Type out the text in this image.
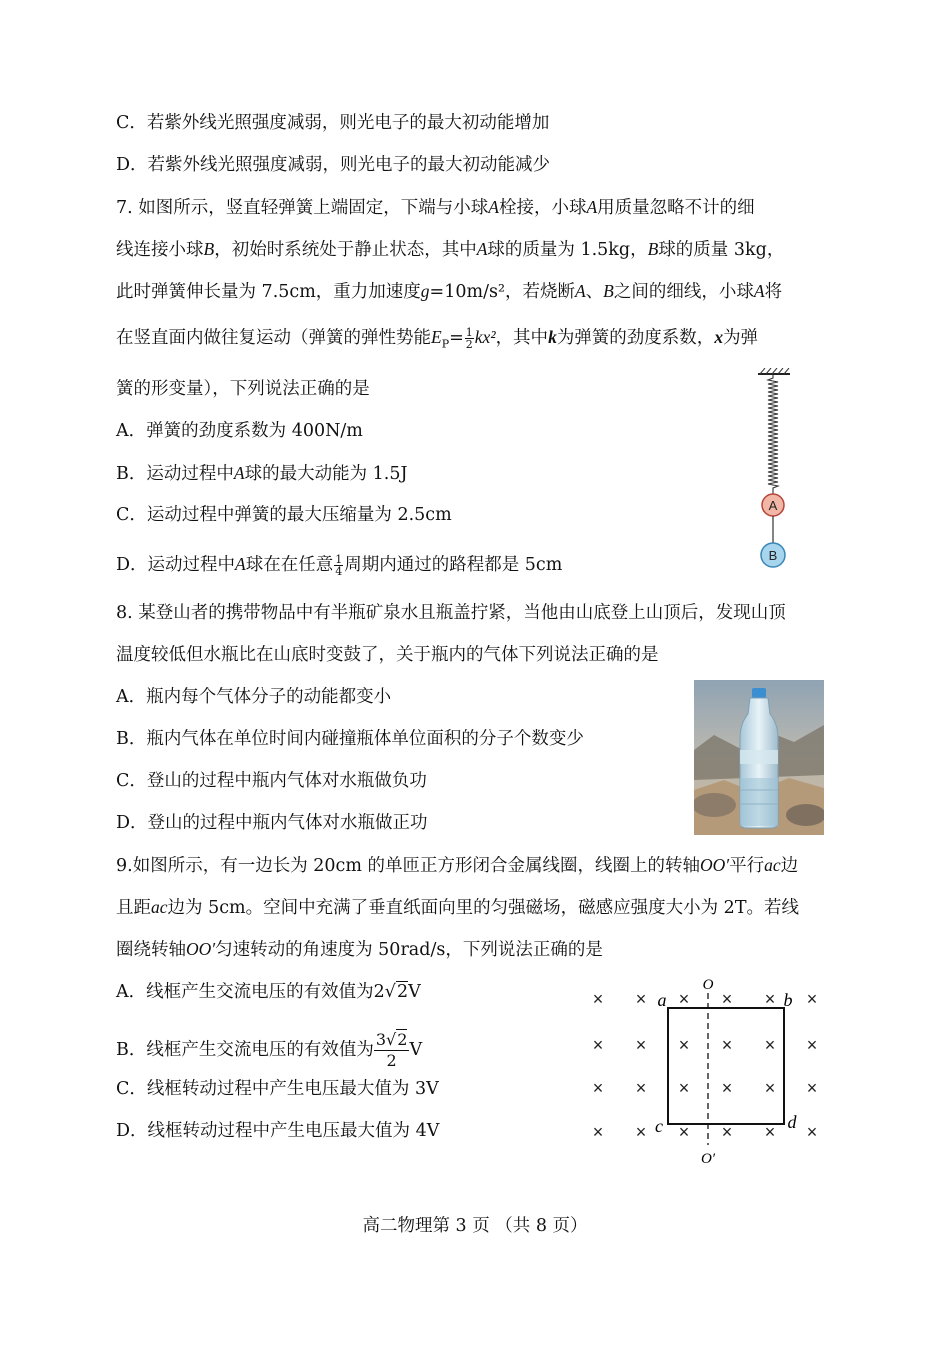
C．若紫外线光照强度减弱，则光电子的最大初动能增加
D．若紫外线光照强度减弱，则光电子的最大初动能减少
7. 如图所示，竖直轻弹簧上端固定，下端与小球A栓接，小球A用质量忽略不计的细
线连接小球B，初始时系统处于静止状态，其中A球的质量为 1.5kg，B球的质量 3kg，
此时弹簧伸长量为 7.5cm，重力加速度g=10m/s²，若烧断A、B之间的细线，小球A将
在竖直面内做往复运动（弹簧的弹性势能$E_P= \frac{1}{2} kx^2$，其中k为弹簧的劲度系数，x为弹
簧的形变量），下列说法正确的是
A．弹簧的劲度系数为 400N/m
B．运动过程中A球的最大动能为 1.5J
C．运动过程中弹簧的最大压缩量为 2.5cm
D．运动过程中A球在在任意 $\frac{1}{4}$ 周期内通过的路程都是 5cm
A
B
8. 某登山者的携带物品中有半瓶矿泉水且瓶盖拧紧，当他由山底登上山顶后，发现山顶
温度较低但水瓶比在山底时变鼓了，关于瓶内的气体下列说法正确的是
A．瓶内每个气体分子的动能都变小
B．瓶内气体在单位时间内碰撞瓶体单位面积的分子个数变少
C．登山的过程中瓶内气体对水瓶做负功
D．登山的过程中瓶内气体对水瓶做正功
9.如图所示，有一边长为 20cm 的单匝正方形闭合金属线圈，线圈上的转轴OO′平行ac边
且距ac边为 5cm。空间中充满了垂直纸面向里的匀强磁场，磁感应强度大小为 2T。若线
圈绕转轴OO′匀速转动的角速度为 50rad/s，下列说法正确的是
A．线框产生交流电压的有效值为2√2V
B．线框产生交流电压的有效值为 $\frac{3√2}{2}$ V
C．线框转动过程中产生电压最大值为 3V
D．线框转动过程中产生电压最大值为 4V
× × × × × ×
× × × × × ×
× × × × × ×
× × × × × ×
O
O′
a	b
c	d
高二物理第 3 页 （共 8 页）
